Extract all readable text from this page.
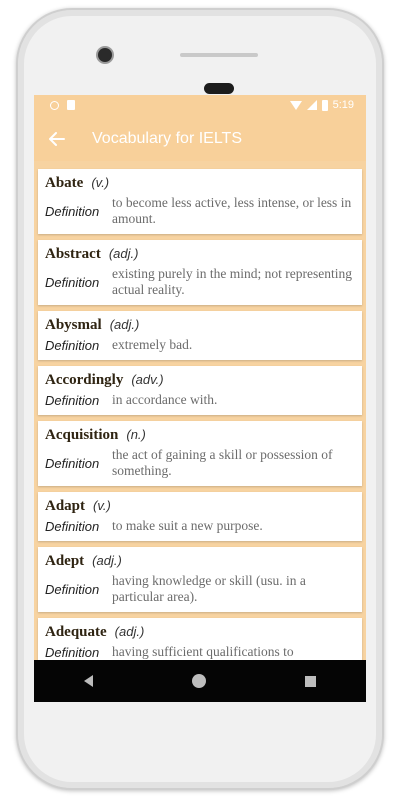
5:19
Vocabulary for IELTS
Abate (v.)
Definition
to become less active, less intense, or less in amount.
Abstract (adj.)
Definition
existing purely in the mind; not representing actual reality.
Abysmal (adj.)
Definition extremely bad.
Accordingly (adv.)
Definition in accordance with.
Acquisition (n.)
Definition
the act of gaining a skill or possession of something.
Adapt (v.)
Definition to make suit a new purpose.
Adept (adj.)
Definition
having knowledge or skill (usu. in a particular area).
Adequate (adj.)
Definition having sufficient qualifications to
